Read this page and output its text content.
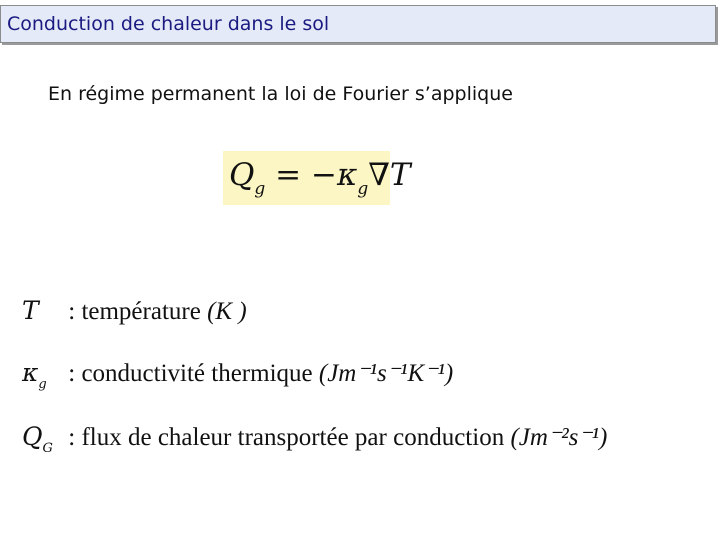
Conduction de chaleur dans le sol
En régime permanent la loi de Fourier s’applique
$Q_g = -\kappa_g\nabla T$
T : température (K )
$\kappa_g$ : conductivité thermique (Jm⁻¹s⁻¹K⁻¹)
$Q_G$ : flux de chaleur transportée par conduction (Jm⁻²s⁻¹)
